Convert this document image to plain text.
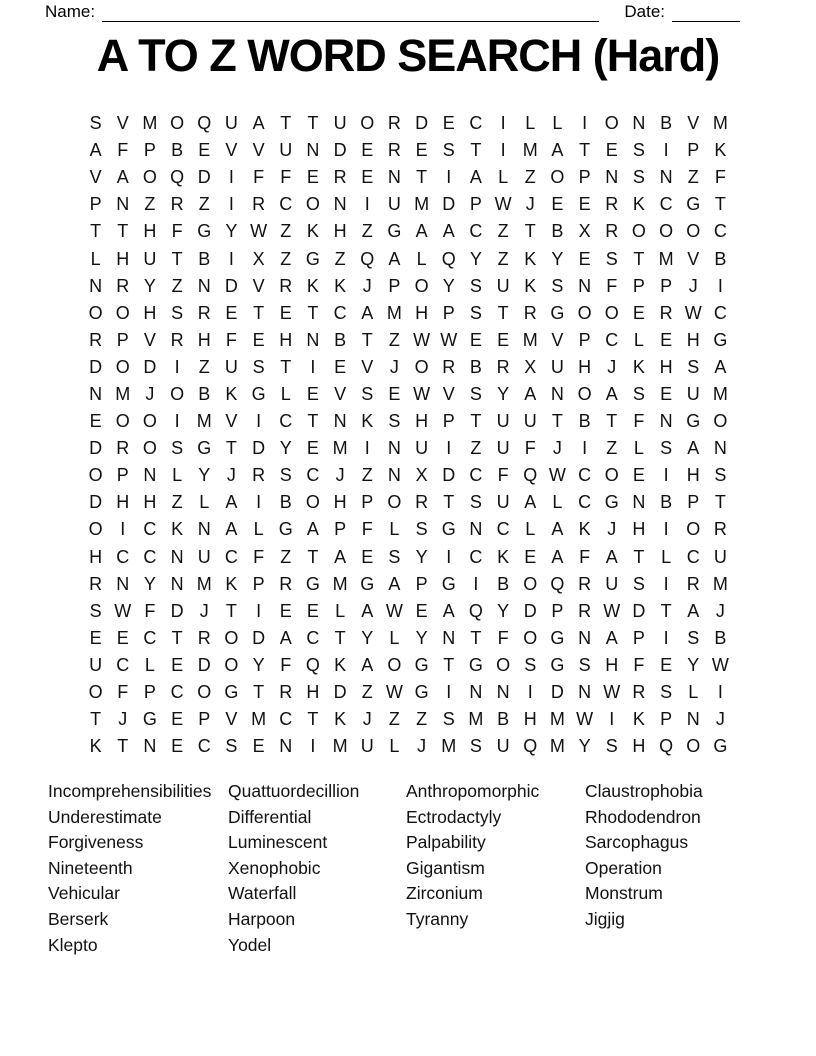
Name:	Date:
A TO Z WORD SEARCH (Hard)
S V M O Q U A T T U O R D E C	I	L L	I O N B V M
A F P B E V V U N D E R E S T	I M A T E S	I	P K
V A O Q D	I	F F E R E N T	I	A L Z O P N S N Z F
P N Z R Z	I	R C O N	I	U M D P W J E E R K C G T
T T H F G Y W Z K H Z G A A C Z T B X R O O O C
L H U T B	I	X Z G Z Q A L Q Y Z K Y E S T M V B
N R Y Z N D V R K K J P O Y S U K S N F P P J	I
O O H S R E T E T C A M H P S T R G O O E R W C
R P V R H F E H N B T Z W W E E M V P C L E H G
D O D	I	Z U S T	I	E V J O R B R X U H J K H S A
N M J O B K G L E V S E W V S Y A N O A S E U M
E O O I M V	I	C T N K S H P T U U T B T F N G O
D R O S G T D Y E M I	N U	I	Z U F J	I	Z L S A N
O P N L Y J R S C J Z N X D C F Q W C O E	I	H S
D H H Z L A	I	B O H P O R T S U A L C G N B P T
O I	C K N A L G A P F L S G N C L A K J H	I O R
H C C N U C F Z T A E S Y	I	C K E A F A T L C U
R N Y N M K P R G M G A P G I	B O Q R U S	I	R M
S W F D J T	I	E E L A W E A Q Y D P R W D T A J
E E C T R O D A C T Y L Y N T F O G N A P	I	S B
U C L E D O Y F Q K A O G T G O S G S H F E Y W
O F P C O G T R H D Z W G I	N N	I	D N W R S L	I
T J G E P V M C T K J Z Z S M B H M W I	K P N J
K T N E C S E N	I M U L J M S U Q M Y S H Q O G
Incomprehensibilities
Underestimate
Forgiveness
Nineteenth
Vehicular
Berserk
Klepto
Quattuordecillion
Differential
Luminescent
Xenophobic
Waterfall
Harpoon
Yodel
Anthropomorphic
Ectrodactyly
Palpability
Gigantism
Zirconium
Tyranny
Claustrophobia
Rhododendron
Sarcophagus
Operation
Monstrum
Jigjig
